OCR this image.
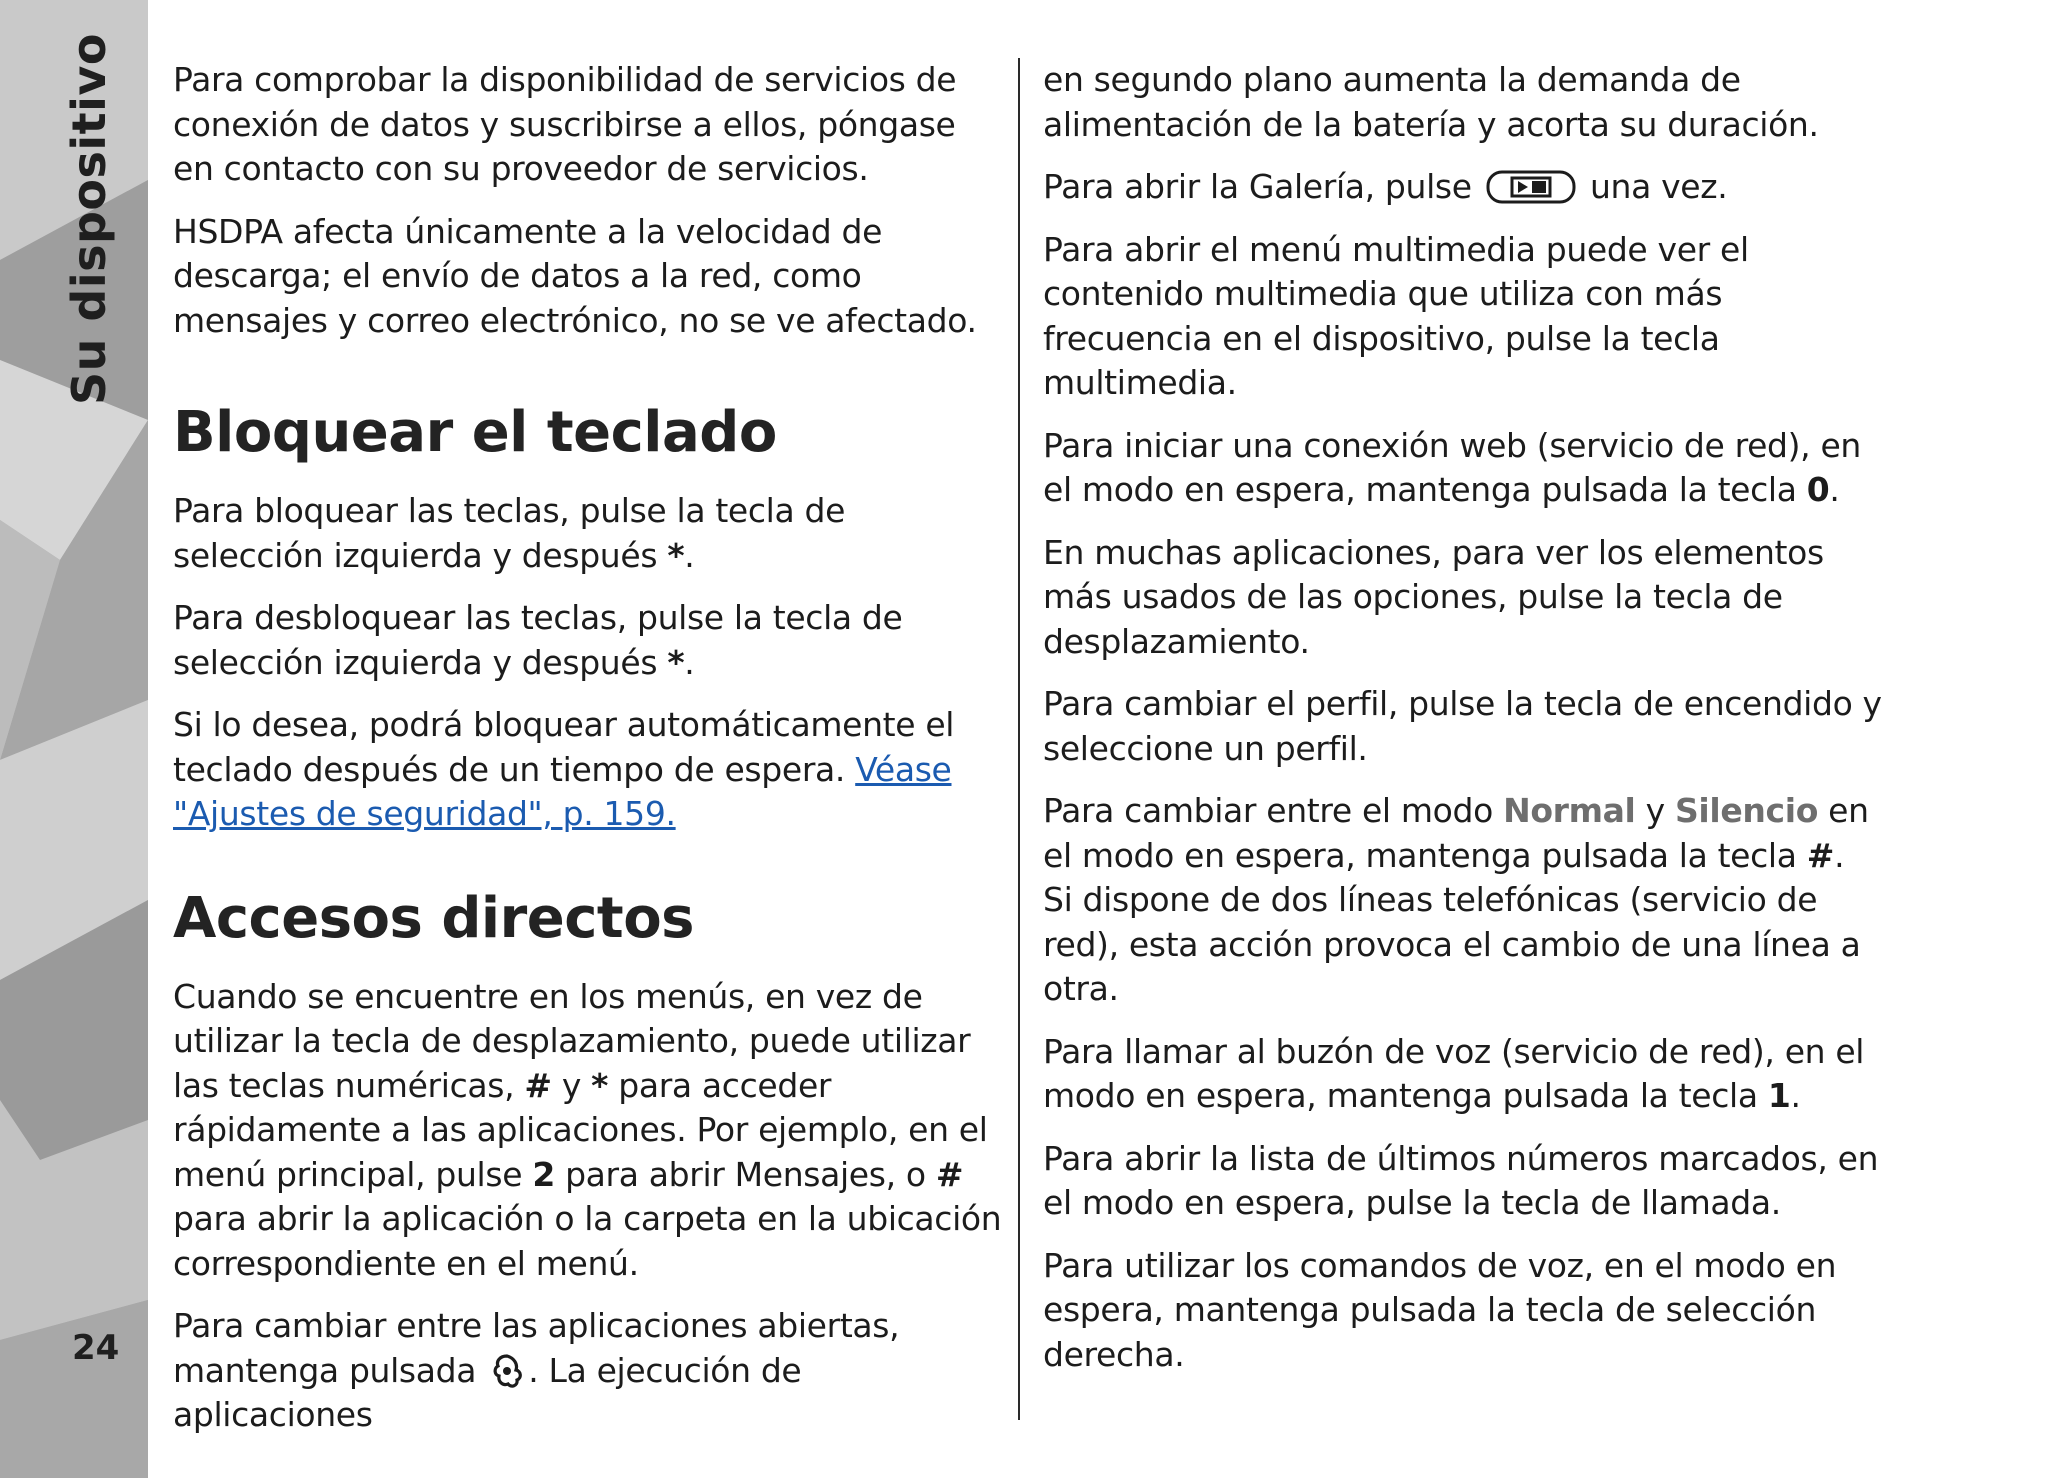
Su dispositivo
24

Para comprobar la disponibilidad de servicios de conexión de datos y suscribirse a ellos, póngase en contacto con su proveedor de servicios.

HSDPA afecta únicamente a la velocidad de descarga; el envío de datos a la red, como mensajes y correo electrónico, no se ve afectado.

Bloquear el teclado

Para bloquear las teclas, pulse la tecla de selección izquierda y después *.

Para desbloquear las teclas, pulse la tecla de selección izquierda y después *.

Si lo desea, podrá bloquear automáticamente el teclado después de un tiempo de espera. Véase "Ajustes de seguridad", p. 159.

Accesos directos

Cuando se encuentre en los menús, en vez de utilizar la tecla de desplazamiento, puede utilizar las teclas numéricas, # y * para acceder rápidamente a las aplicaciones. Por ejemplo, en el menú principal, pulse 2 para abrir Mensajes, o # para abrir la aplicación o la carpeta en la ubicación correspondiente en el menú.

Para cambiar entre las aplicaciones abiertas, mantenga pulsada . La ejecución de aplicaciones

en segundo plano aumenta la demanda de alimentación de la batería y acorta su duración.

Para abrir la Galería, pulse	una vez.

Para abrir el menú multimedia puede ver el contenido multimedia que utiliza con más frecuencia en el dispositivo, pulse la tecla multimedia.

Para iniciar una conexión web (servicio de red), en el modo en espera, mantenga pulsada la tecla 0.

En muchas aplicaciones, para ver los elementos más usados de las opciones, pulse la tecla de desplazamiento.

Para cambiar el perfil, pulse la tecla de encendido y seleccione un perfil.

Para cambiar entre el modo Normal y Silencio en el modo en espera, mantenga pulsada la tecla #. Si dispone de dos líneas telefónicas (servicio de red), esta acción provoca el cambio de una línea a otra.

Para llamar al buzón de voz (servicio de red), en el modo en espera, mantenga pulsada la tecla 1.

Para abrir la lista de últimos números marcados, en el modo en espera, pulse la tecla de llamada.

Para utilizar los comandos de voz, en el modo en espera, mantenga pulsada la tecla de selección derecha.
